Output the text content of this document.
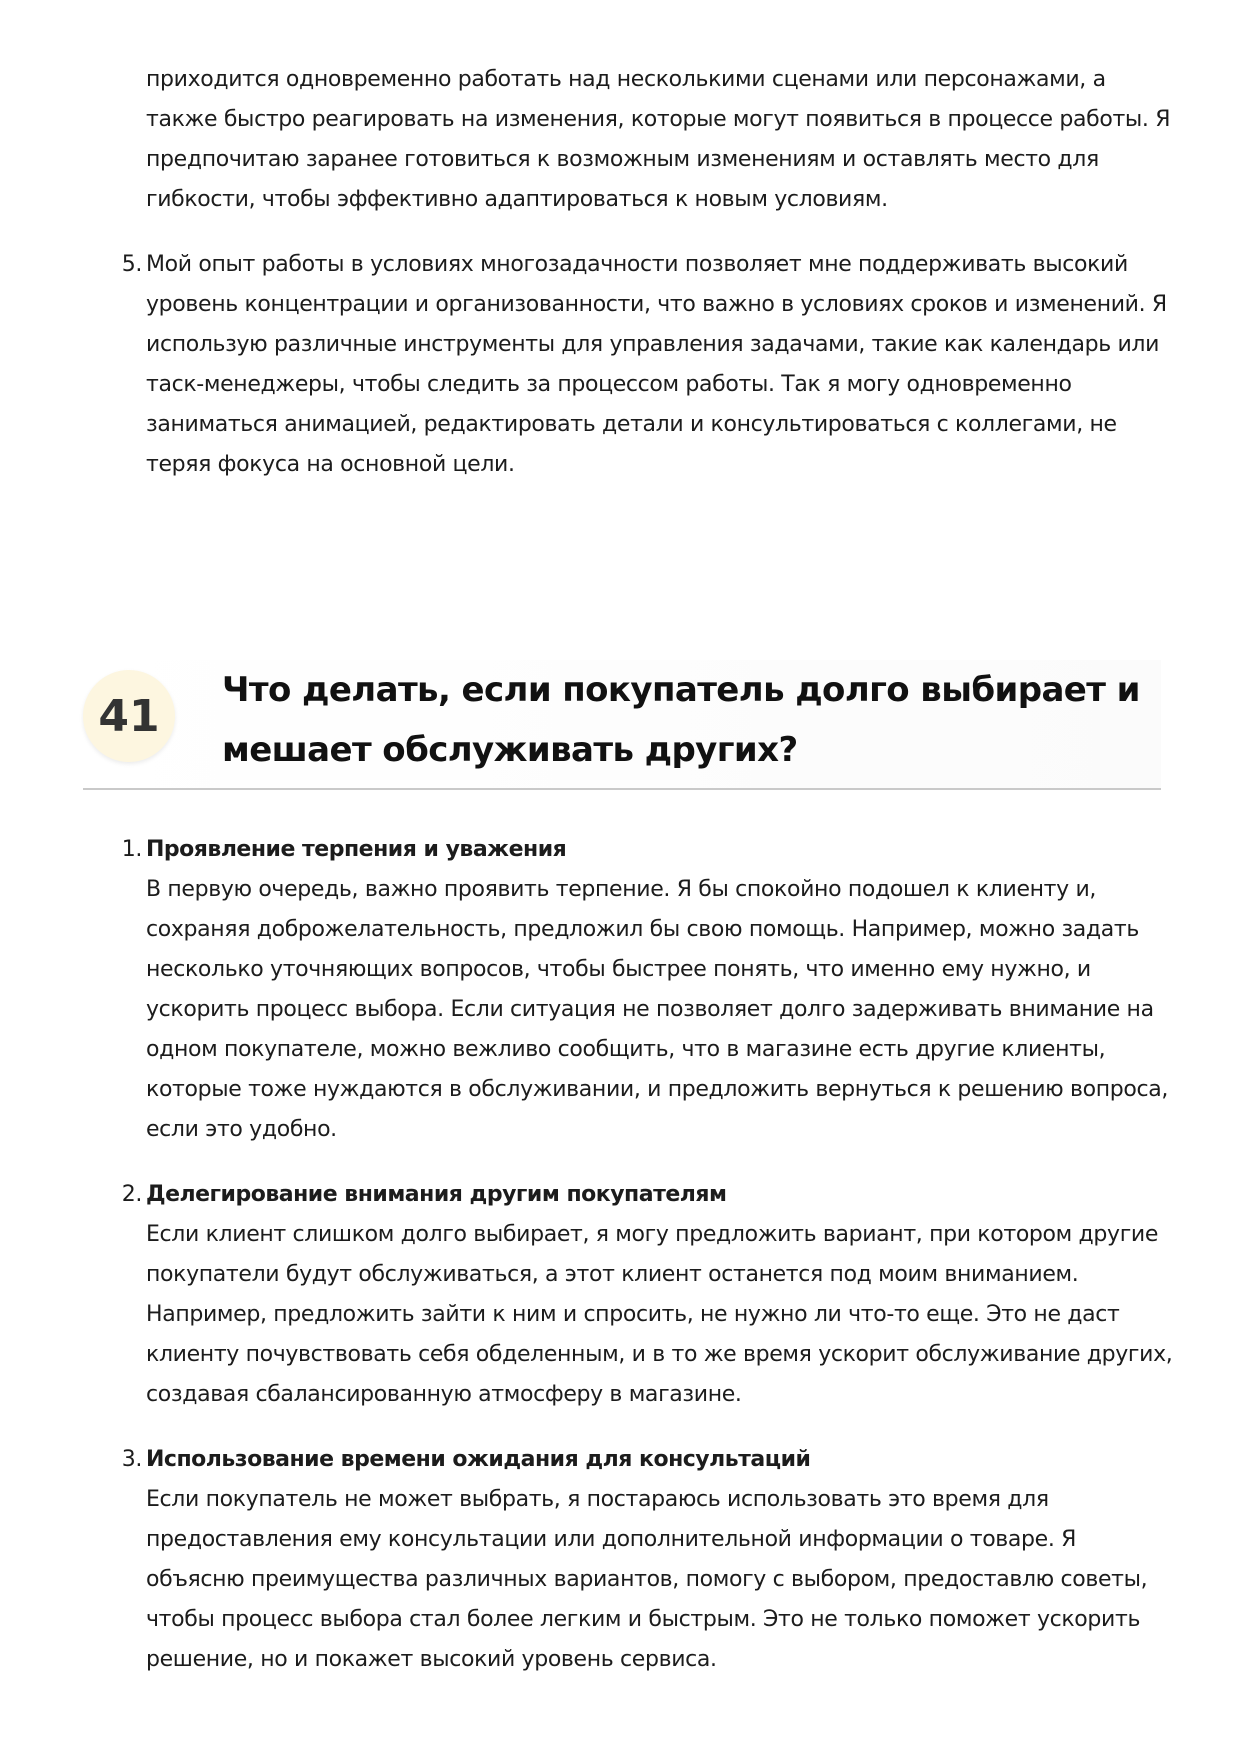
приходится одновременно работать над несколькими сценами или персонажами, а также быстро реагировать на изменения, которые могут появиться в процессе работы. Я предпочитаю заранее готовиться к возможным изменениям и оставлять место для гибкости, чтобы эффективно адаптироваться к новым условиям.

5. Мой опыт работы в условиях многозадачности позволяет мне поддерживать высокий уровень концентрации и организованности, что важно в условиях сроков и изменений. Я использую различные инструменты для управления задачами, такие как календарь или таск-менеджеры, чтобы следить за процессом работы. Так я могу одновременно заниматься анимацией, редактировать детали и консультироваться с коллегами, не теряя фокуса на основной цели.
41
Что делать, если покупатель долго выбирает и мешает обслуживать других?
1. Проявление терпения и уважения
В первую очередь, важно проявить терпение. Я бы спокойно подошел к клиенту и, сохраняя доброжелательность, предложил бы свою помощь. Например, можно задать несколько уточняющих вопросов, чтобы быстрее понять, что именно ему нужно, и ускорить процесс выбора. Если ситуация не позволяет долго задерживать внимание на одном покупателе, можно вежливо сообщить, что в магазине есть другие клиенты, которые тоже нуждаются в обслуживании, и предложить вернуться к решению вопроса, если это удобно.
2. Делегирование внимания другим покупателям
Если клиент слишком долго выбирает, я могу предложить вариант, при котором другие покупатели будут обслуживаться, а этот клиент останется под моим вниманием. Например, предложить зайти к ним и спросить, не нужно ли что-то еще. Это не даст клиенту почувствовать себя обделенным, и в то же время ускорит обслуживание других, создавая сбалансированную атмосферу в магазине.
3. Использование времени ожидания для консультаций
Если покупатель не может выбрать, я постараюсь использовать это время для предоставления ему консультации или дополнительной информации о товаре. Я объясню преимущества различных вариантов, помогу с выбором, предоставлю советы, чтобы процесс выбора стал более легким и быстрым. Это не только поможет ускорить решение, но и покажет высокий уровень сервиса.
